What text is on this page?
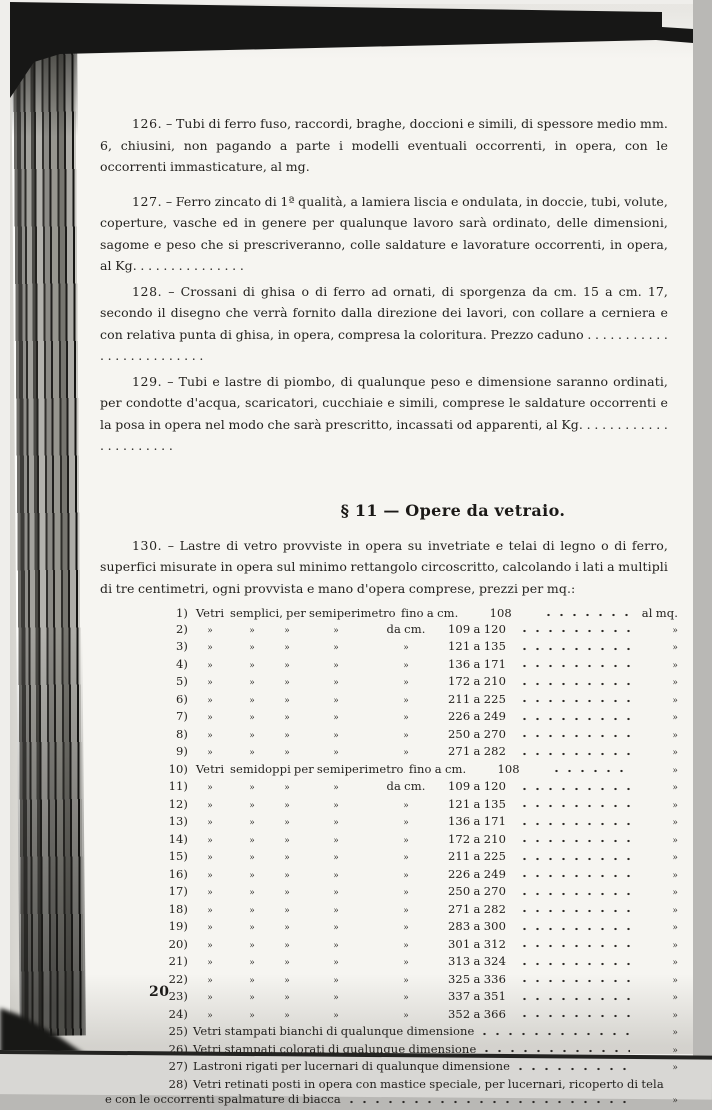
126. – Tubi di ferro fuso, raccordi, braghe, doccioni e simili, di spessore medio mm. 6, chiusini, non pagando a parte i modelli eventuali occorrenti, in opera, con le occorrenti immasticature, al mg.

127. – Ferro zincato di 1ª qualità, a lamiera liscia e ondulata, in doccie, tubi, volute, coperture, vasche ed in genere per qualunque lavoro sarà ordinato, delle dimensioni, sagome e peso che si prescriveranno, colle saldature e lavorature occorrenti, in opera, al Kg. . . . . . . . . . . . . . .

128. – Crossani di ghisa o di ferro ad ornati, di sporgenza da cm. 15 a cm. 17, secondo il disegno che verrà fornito dalla direzione dei lavori, con collare a cerniera e con relativa punta di ghisa, in opera, compresa la coloritura. Prezzo caduno . . . . . . . . . . . . . . . . . . . . . . . . .

129. – Tubi e lastre di piombo, di qualunque peso e dimensione saranno ordinati, per condotte d'acqua, scaricatori, cucchiaie e simili, comprese le saldature occorrenti e la posa in opera nel modo che sarà prescritto, incassati od apparenti, al Kg. . . . . . . . . . . . . . . . . . . . . .

§ 11 — Opere da vetraio.

130. – Lastre di vetro provviste in opera su invetriate e telai di legno o di ferro, superfici misurate in opera sul minimo rettangolo circoscritto, calcolando i lati a multipli di tre centimetri, ogni provvista e mano d'opera comprese, prezzi per mq.:

1) Vetri semplici, per semiperimetro fino a cm.	108	al mq.
2)	»	»	»	»	da cm.	109 a 120	»
3)	»	»	»	»	»	121 a 135	»
4)	»	»	»	»	»	136 a 171	»
5)	»	»	»	»	»	172 a 210	»
6)	»	»	»	»	»	211 a 225	»
7)	»	»	»	»	»	226 a 249	»
8)	»	»	»	»	»	250 a 270	»
9)	»	»	»	»	»	271 a 282	»
10) Vetri semidoppi per semiperimetro fino a cm.	108	»
11)	»	»	»	»	da cm.	109 a 120	»
12)	»	»	»	»	»	121 a 135	»
13)	»	»	»	»	»	136 a 171	»
14)	»	»	»	»	»	172 a 210	»
15)	»	»	»	»	»	211 a 225	»
16)	»	»	»	»	»	226 a 249	»
17)	»	»	»	»	»	250 a 270	»
18)	»	»	»	»	»	271 a 282	»
19)	»	»	»	»	»	283 a 300	»
20)	»	»	»	»	»	301 a 312	»
21)	»	»	»	»	»	313 a 324	»
22)	»	»	»	»	»	325 a 336	»
23)	»	»	»	»	»	337 a 351	»
24)	»	»	»	»	»	352 a 366	»
25) Vetri stampati bianchi di qualunque dimensione	»
26) Vetri stampati colorati di qualunque dimensione	»
27) Lastroni rigati per lucernari di qualunque dimensione	»
28) Vetri retinati posti in opera con mastice speciale, per lucernari, ricoperto di tela
e con le occorrenti spalmature di biacca	»
20
